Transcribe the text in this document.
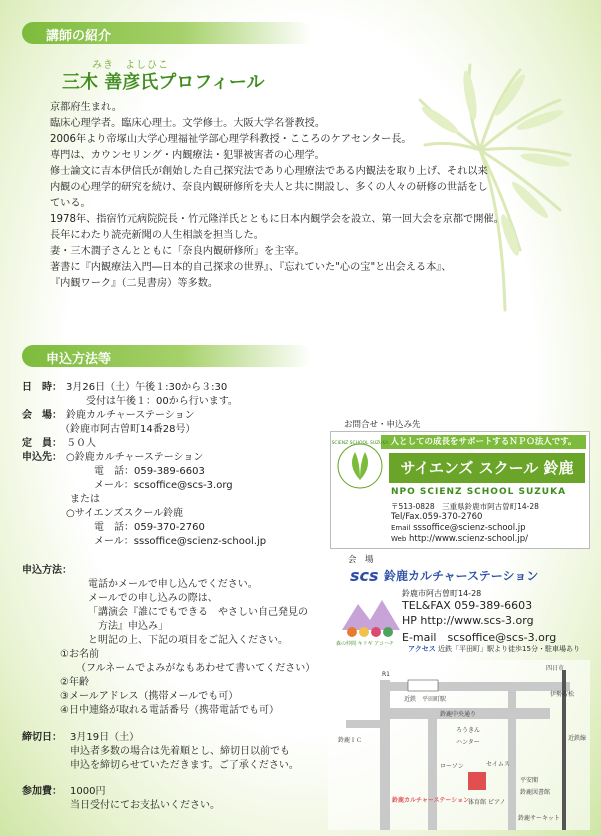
講師の紹介
みき　よしひこ
三木 善彦氏プロフィール

京都府生まれ。

臨床心理学者。臨床心理士。文学修士。大阪大学名誉教授。

2006年より帝塚山大学心理福祉学部心理学科教授・こころのケアセンター長。

専門は、カウンセリング・内観療法・犯罪被害者の心理学。

修士論文に吉本伊信氏が創始した自己探究法であり心理療法である内観法を取り上げ、それ以来

内観の心理学的研究を続け、奈良内観研修所を夫人と共に開設し、多くの人々の研修の世話をし

ている。

1978年、指宿竹元病院院長・竹元隆洋氏とともに日本内観学会を設立、第一回大会を京都で開催。

長年にわたり読売新聞の人生相談を担当した。

妻・三木潤子さんとともに「奈良内観研修所」を主宰。

著書に『内観療法入門―日本的自己探求の世界』、『忘れていた"心の宝"と出会える本』、

『内観ワーク』（二見書房）等多数。

申込方法等
日　時： 3月26日（土）午後１:30から３:30
受付は午後１：00から行います。
会　場： 鈴鹿カルチャーステーション
（鈴鹿市阿古曽町14番28号）
定　員： ５０人
申込先： ○鈴鹿カルチャーステーション
電　話：059-389-6603
メール：scsoffice@scs-3.org
または
○サイエンズスクール鈴鹿
電　話：059-370-2760
メール：sssoffice@scienz-school.jp
申込方法：
電話かメールで申し込んでください。
メールでの申し込みの際は、
「講演会『誰にでもできる　やさしい自己発見の
　方法』申込み」
と明記の上、下記の項目をご記入ください。
①お名前
（フルネームでよみがなもあわせて書いてください）
②年齢
③メールアドレス（携帯メールでも可）
④日中連絡が取れる電話番号（携帯電話でも可）
締切日： 3月19日（土）
申込者多数の場合は先着順とし、締切日以前でも
申込を締切らせていただきます。ご了承ください。
参加費： 1000円
当日受付にてお支払いください。
お問合せ・申込み先
人としての成長をサポートするＮＰＯ法人です。
SCIENZ SCHOOL SUZUKA
サイエンズ スクール 鈴鹿
NPO SCIENZ SCHOOL SUZUKA
〒513-0828　三重県鈴鹿市阿古曽町14-28
Tel/Fax.059-370-2760
Email sssoffice@scienz-school.jp
Web http://www.scienz-school.jp/
会　場
scs 鈴鹿カルチャーステーション
森の仲間 キリギ アコハチ
鈴鹿市阿古曽町14-28
TEL&FAX 059-389-6603
HP http://www.scs-3.org
E-mail　scsoffice@scs-3.org
アクセス 近鉄「平田町」駅より徒歩15分・駐車場あり
R1
近鉄　平田町駅
四日市
伊勢若松
鈴鹿ＩＣ
鈴鹿中央通り
ろうきん
ハンター
ローソン	セイムス
平安閣
鈴鹿図書館
体育館 ピアノ
鈴鹿サーキット
近鉄線
鈴鹿カルチャーステーション
